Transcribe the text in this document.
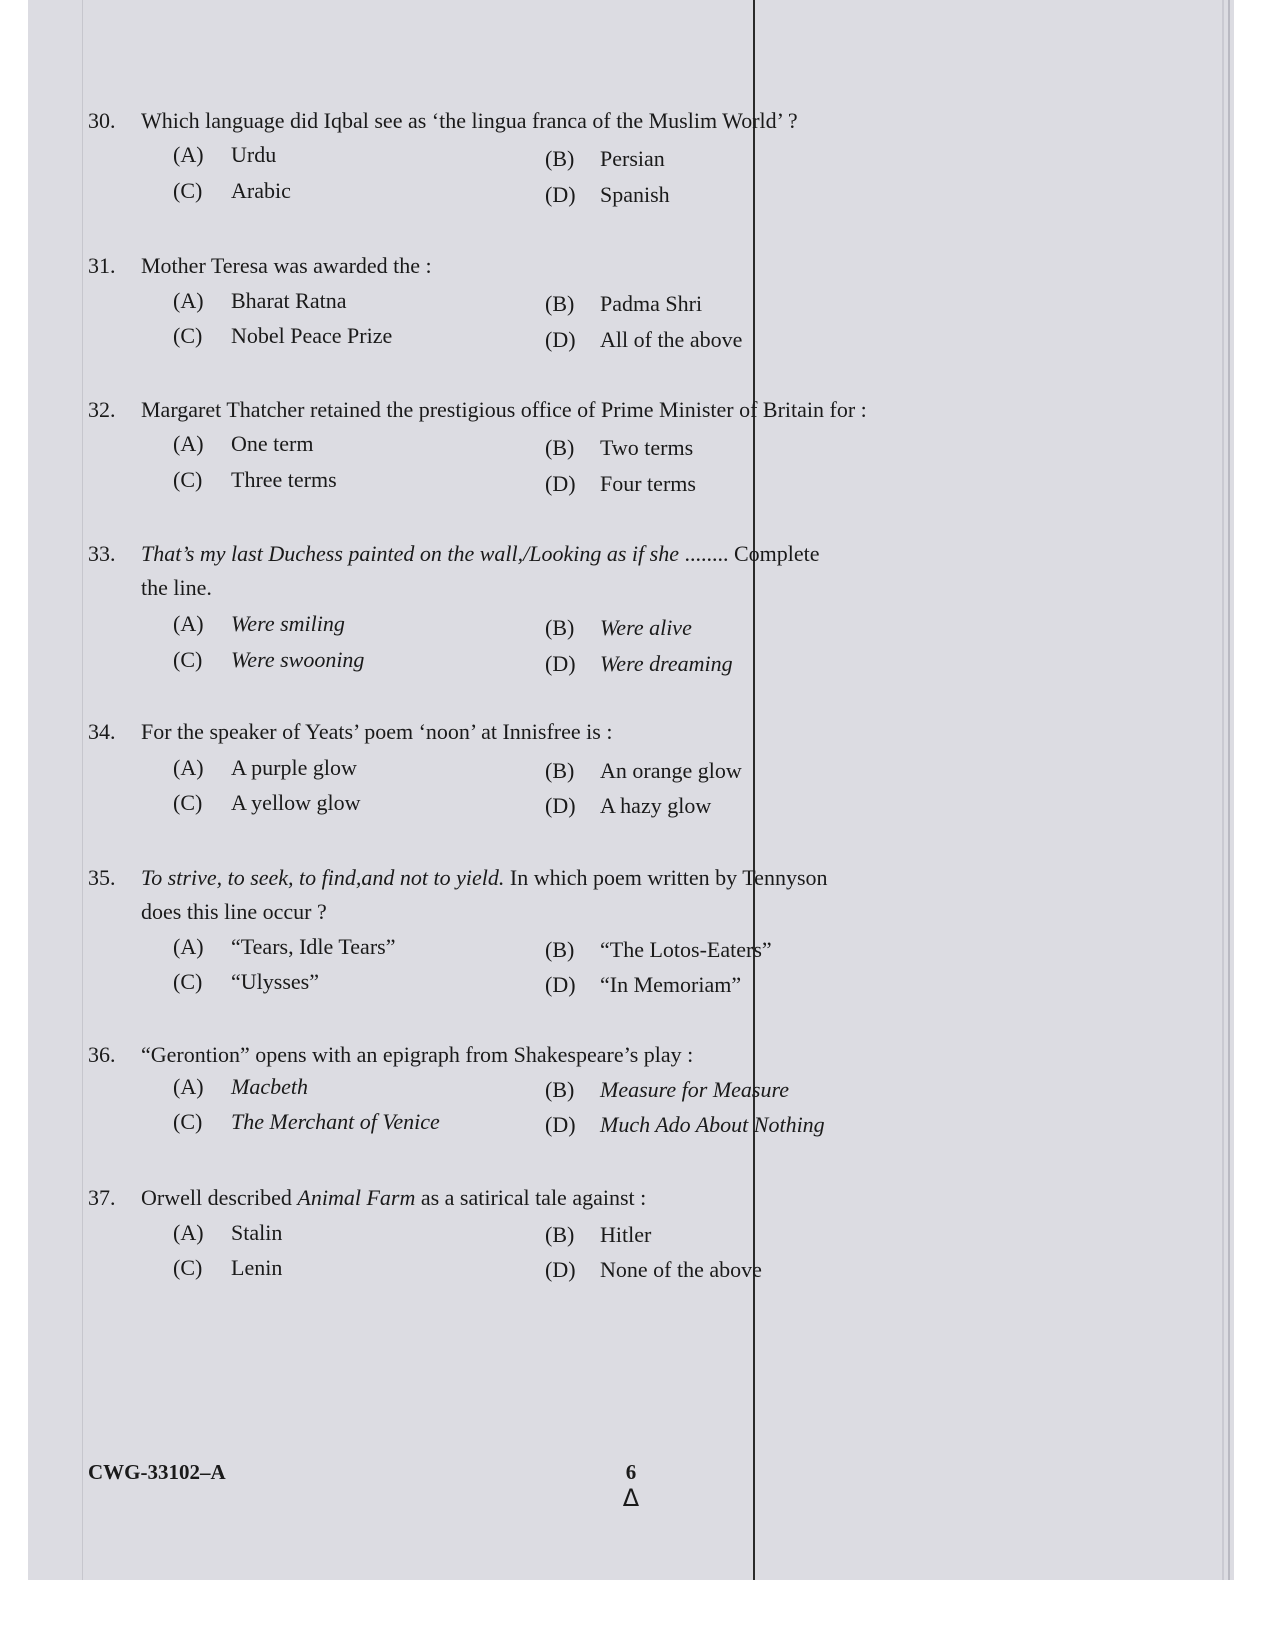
30. Which language did Iqbal see as ‘the lingua franca of the Muslim World’ ?
(A) Urdu	(B) Persian
(C) Arabic	(D) Spanish
31. Mother Teresa was awarded the :
(A) Bharat Ratna	(B) Padma Shri
(C) Nobel Peace Prize	(D) All of the above
32. Margaret Thatcher retained the prestigious office of Prime Minister of Britain for :
(A) One term	(B) Two terms
(C) Three terms	(D) Four terms
33. That’s my last Duchess painted on the wall,/Looking as if she ........ Complete
the line.
(A) Were smiling	(B) Were alive
(C) Were swooning	(D) Were dreaming
34. For the speaker of Yeats’ poem ‘noon’ at Innisfree is :
(A) A purple glow	(B) An orange glow
(C) A yellow glow	(D) A hazy glow
35. To strive, to seek, to find,and not to yield. In which poem written by Tennyson
does this line occur ?
(A) “Tears, Idle Tears”	(B) “The Lotos-Eaters”
(C) “Ulysses”	(D) “In Memoriam”
36. “Gerontion” opens with an epigraph from Shakespeare’s play :
(A) Macbeth	(B) Measure for Measure
(C) The Merchant of Venice	(D) Much Ado About Nothing
37. Orwell described Animal Farm as a satirical tale against :
(A) Stalin	(B) Hitler
(C) Lenin	(D) None of the above
CWG-33102–A	6
Δ
